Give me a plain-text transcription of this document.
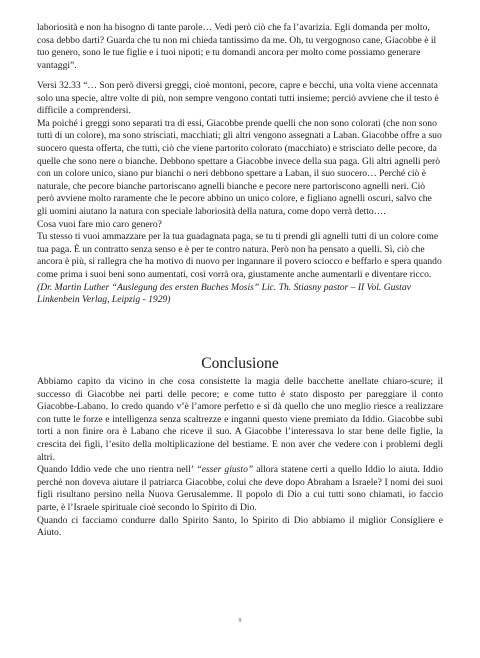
laboriosità e non ha bisogno di tante parole… Vedi però ciò che fa l’avarizia. Egli domanda per molto, cosa debbo darti? Guarda che tu non mi chieda tantissimo da me. Oh, tu vergognoso cane, Giacobbe è il tuo genero, sono le tue figlie e i tuoi nipoti; e tu domandi ancora per molto come possiamo generare vantaggi”.

Versi 32.33 “… Son però diversi greggi, cioè montoni, pecore, capre e becchi, una volta viene accennata solo una specie, altre volte di più, non sempre vengono contati tutti insieme; perciò avviene che il testo è difficile a comprendersi.

Ma poiché i greggi sono separati tra di essi, Giacobbe prende quelli che non sono colorati (che non sono tutti di un colore), ma sono strisciati, macchiati; gli altri vengono assegnati a Laban. Giacobbe offre a suo suocero questa offerta, che tutti, ciò che viene partorito colorato (macchiato) e strisciato delle pecore, da quelle che sono nere o bianche. Debbono spettare a Giacobbe invece della sua paga. Gli altri agnelli però con un colore unico, siano pur bianchi o neri debbono spettare a Laban, il suo suocero… Perché ciò è naturale, che pecore bianche partoriscano agnelli bianche e pecore nere partoriscono agnelli neri. Ciò però avviene molto raramente che le pecore abbino un unico colore, e figliano agnelli oscuri, salvo che gli uomini aiutano la natura con speciale laboriosità della natura, come dopo verrà detto….

Cosa vuoi fare mio caro genero?

Tu stesso ti vuoi ammazzare per la tua guadagnata paga, se tu ti prendi gli agnelli tutti di un colore come tua paga. È un contratto senza senso e è per te contro natura. Però non ha pensato a quelli. Sì, ciò che ancora è più, si rallegra che ha motivo di nuovo per ingannare il povero sciocco e beffarlo e spera quando come prima i suoi beni sono aumentati, così vorrà ora, giustamente anche aumentarli e diventare ricco.

(Dr. Martin Luther “Auslegung des ersten Buches Mosis” Lic. Th. Stiasny pastor – II Vol. Gustav Linkenbein Verlag, Leipzig - 1929)

Conclusione

Abbiamo capito da vicino in che cosa consistette la magia delle bacchette anellate chiaro-scure; il successo di Giacobbe nei parti delle pecore; e come tutto è stato disposto per pareggiare il conto Giacobbe-Labano. Io credo quando v’è l’amore perfetto e si dà quello che uno meglio riesce a realizzare con tutte le forze e intelligenza senza scaltrezze e inganni questo viene premiato da Iddio. Giacobbe subì torti a non finire ora è Labano che riceve il suo. A Giacobbe l’interessava lo star bene delle figlie, la crescita dei figli, l’esito della moltiplicazione del bestiame. E non aver che vedere con i problemi degli altri.

Quando Iddio vede che uno rientra nell’ “esser giusto” allora statene certi a quello Iddio lo aiuta. Iddio perchè non doveva aiutare il patriarca Giacobbe, colui che deve dopo Abraham a Israele? I nomi dei suoi figli risultano persino nella Nuova Gerusalemme. Il popolo di Dio a cui tutti sono chiamati, io faccio parte, è l’Israele spirituale cioè secondo lo Spirito di Dio.

Quando ci facciamo condurre dallo Spirito Santo, lo Spirito di Dio abbiamo il miglior Consigliere e Aiuto.

9
